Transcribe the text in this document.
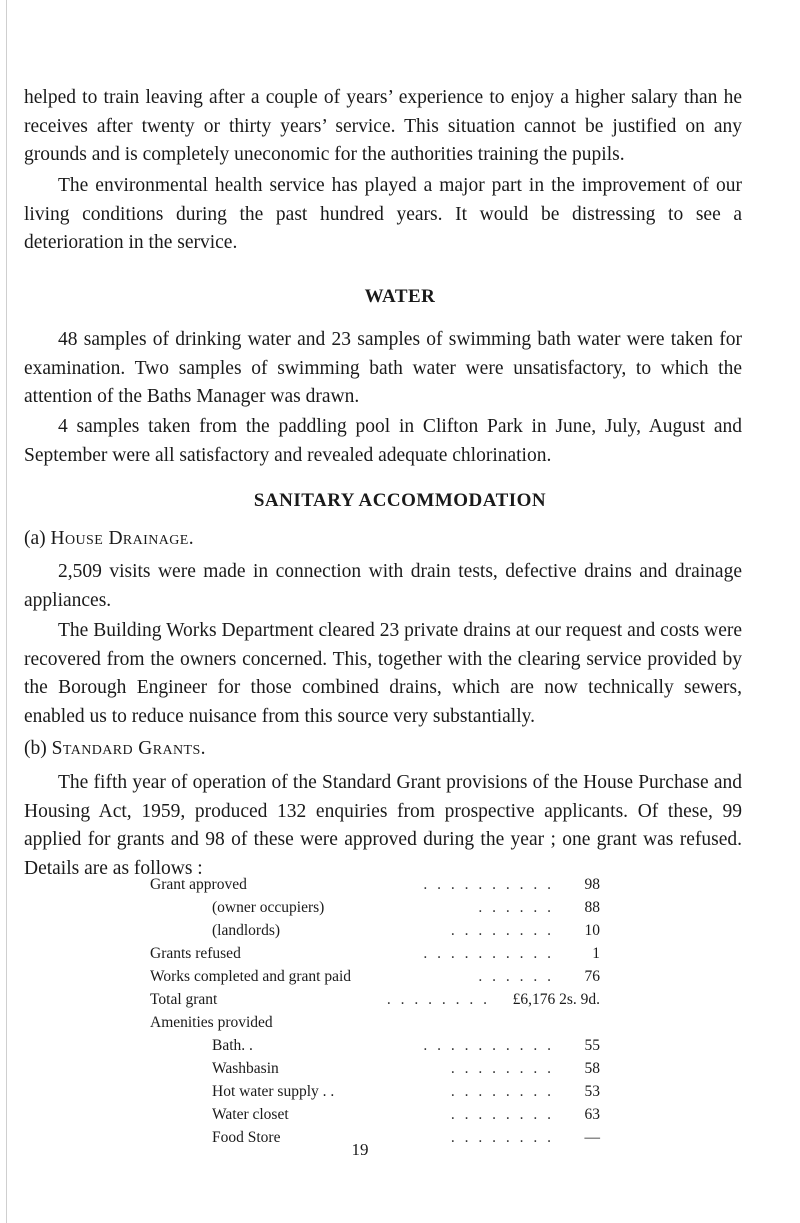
helped to train leaving after a couple of years’ experience to enjoy a higher salary than he receives after twenty or thirty years’ service. This situation cannot be justified on any grounds and is completely uneconomic for the authorities training the pupils.

The environmental health service has played a major part in the improvement of our living conditions during the past hundred years. It would be distressing to see a deterioration in the service.

WATER

48 samples of drinking water and 23 samples of swimming bath water were taken for examination. Two samples of swimming bath water were unsatisfactory, to which the attention of the Baths Manager was drawn.

4 samples taken from the paddling pool in Clifton Park in June, July, August and September were all satisfactory and revealed adequate chlorination.

SANITARY ACCOMMODATION

(a) House Drainage.

2,509 visits were made in connection with drain tests, defective drains and drainage appliances.

The Building Works Department cleared 23 private drains at our request and costs were recovered from the owners concerned. This, together with the clearing service provided by the Borough Engineer for those combined drains, which are now technically sewers, enabled us to reduce nuisance from this source very substantially.

(b) Standard Grants.

The fifth year of operation of the Standard Grant provisions of the House Purchase and Housing Act, 1959, produced 132 enquiries from prospective applicants. Of these, 99 applied for grants and 98 of these were approved during the year ; one grant was refused. Details are as follows :

Grant approved	. . . . . . . . . . 98
(owner occupiers)	. . . . . . 88
(landlords)	. . . . . . . . 10
Grants refused	. . . . . . . . . . 1
Works completed and grant paid	. . . . . . 76
Total grant	. . . . . . . . £6,176 2s. 9d.
Amenities provided
Bath. .	. . . . . . . . . . 55
Washbasin	. . . . . . . . 58
Hot water supply . .	. . . . . . . . 53
Water closet	. . . . . . . . 63
Food Store	. . . . . . . . —
19
